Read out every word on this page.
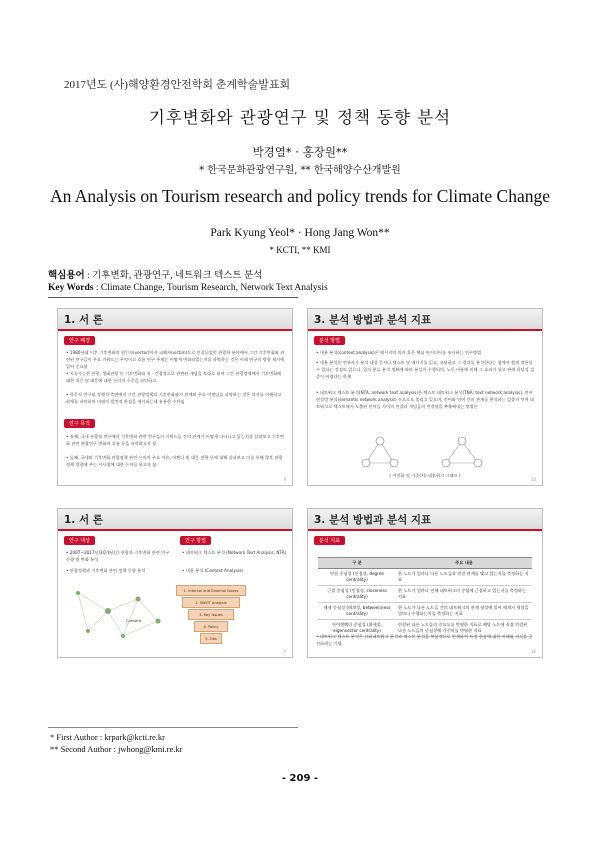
2017년도 (사)해양환경안전학회 춘계학술발표회
기후변화와 관광연구 및 정책 동향 분석
박경열* · 홍장원**
* 한국문화관광연구원, ** 한국해양수산개발원
An Analysis on Tourism research and policy trends for Climate Change
Park Kyung Yeol* · Hong Jang Won**
* KCTI, ** KMI
핵심용어 : 기후변화, 관광연구, 네트워크 텍스트 분석
Key Words : Climate Change, Tourism Research, Network Text Analysis
1. 서 론
연구 배경
• 1980년대 이후 기후변화의 원인자(vector)이자 피해자(victim)으로 인식되었던 관광학 분야에서 그간 기후변화와 관련된 연구들이 주요 키워드는 무엇이고 흐름 연구 주제는 어떻게 변화되었는지를 파악하는 것은 이래 연구의 방향 제시에 있어 중요함
• 지속가능한 관광, 생태관광 등 기후변화와 직 · 간접적으로 관련된 개념을 토대로 하여 그간 관광정책에서 기후변화에 대한 적응 및 대응에 대한 논의의 수준을 파악하고,
• 학문적 연구와 정책적 측면에서 그간 관광정책과 기후변화와의 관계와 주요 어젠다를 파악하는 것은 과거를 이해하고 현재를 파악하며 미래의 발전적 관점을 제시하는데 유용한 수단임
연구 목적
• 첫째, 국내 관광학 연구에서 기후변화 관련 연구들의 키워드들 간의 관계가 어떻게 나타나고 있는지를 살펴보고 기후변화 관련 관광연구 변화의 흐름 등을 파악하고자 함
• 둘째, 국내외 기후변화 관광정책 관련 논의의 주요 이슈, 어젠다 및 대응 전략 등에 대해 살펴보고 이를 통해 향후 관광정책 방향에 주는 시사점에 대한 논의를 하고자 함
4
3. 분석 방법과 분석 지표
분석 방법
• 내용 분석(context analysis)은 메시지의 의미 혹은 핵심 아이디어를 조사하는 연구방법
• 내용 분석은 연구자가 분석 대상 문서나 텍스트 및 메시지를 읽고, 코딩하고 그 결과를 분석한다는 점에서 쉽게 적용할 수 있다는 장점도 있으나, 일의 분류 분석 정확에 따라 분석이 수행되며, 노동 비용에 비해 그 효과가 낮고 판력 타당성 검증이 어렵다는 한계
• 네트워크 텍스트 분석(NTA; network text analysis)은 텍스트 네트워크 분석(TNA; text network analysis), 언어 연결망 분석(semantic network analysis) 등으로도 불리고 있으며, 언어와 언어 간의 관계를 분석하는 일종의 언어 네트워크로 텍스트에서 도출된 언어들 사이의 연결과 개념들의 연결망을 추출해내는 방법론
( 이진화 및 가중(치) 네트워크 그래프 )
10
1. 서 론
연구 대상	연구 방법
• 2007~2017년(10개년)간 관광과 기후변화 관련 연구 동향 및 변화 분석
• 관광정책과 기후변화 관련 정책 동향 분석
• 네트워크 텍스트 분석 (Network Text Analysis, NTA)
• 내용 분석 (Context Analysis)
Content
1. Internal and External Issues
2. SWOT Analysis
3. Key Issues
4. Policy
5. Obs
5
3. 분석 방법과 분석 지표
분석 지표
구 분	주요 내용
연결 중심성 (인접성, degree centrality)	한 노드가 얼마나 다른 노드들과 연결 관계를 맺고 있는지를 측정하는 지표
근접 중심성 (인접성, closeness centrality)	한 노드가 얼마나 전체 네트워크의 중심에 근접하고 있는지를 측정하는 지표
매개 중심성 (매개성, betweenness centrality)	한 노드가 다른 노드들 간의 네트워크의 관계 형성에 있어 매개자 역할을 얼마나 수행하는지를 측정하는 지표
아이겐벡터 중심성 (위세성, eigenvector centrality)	연결된 다른 노드들의 중요도를 반영한 지표로 해당 노드에 직접 연결된 다른 노드들의 중심성에 가중치를 반영한 지표
• 네트워크 텍스트 분석은 사회네트워크 분석과 텍스트 분석을 복합적으로 연계하여 특정 현상에 대한 이해와 지식을 증진하려는 기법
16
* First Author : krpark@kcti.re.kr
** Second Author : jwhong@kmi.re.kr
- 209 -
